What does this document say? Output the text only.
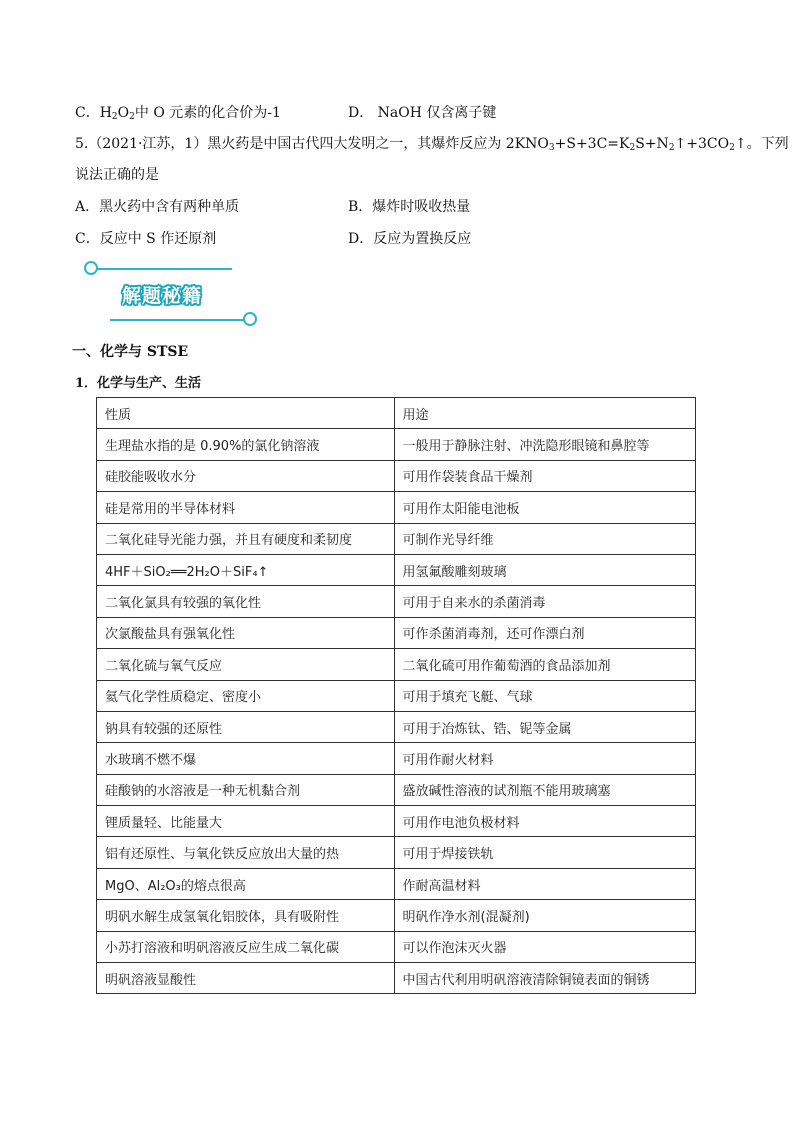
C．$H_2O_2$中 O 元素的化合价为-1	D． NaOH 仅含离子键
5.（2021·江苏，1）黑火药是中国古代四大发明之一，其爆炸反应为 $2KNO_3+S+3C=K_2S+N_2↑+3CO_2↑$。下列
说法正确的是
A．黑火药中含有两种单质	B．爆炸时吸收热量
C．反应中 S 作还原剂	D．反应为置换反应
解题秘籍
一、化学与 STSE
1．化学与生产、生活
性质	用途
生理盐水指的是 0.90%的氯化钠溶液	一般用于静脉注射、冲洗隐形眼镜和鼻腔等
硅胶能吸收水分	可用作袋装食品干燥剂
硅是常用的半导体材料	可用作太阳能电池板
二氧化硅导光能力强，并且有硬度和柔韧度	可制作光导纤维
4HF＋SiO₂══2H₂O＋SiF₄↑	用氢氟酸雕刻玻璃
二氧化氯具有较强的氧化性	可用于自来水的杀菌消毒
次氯酸盐具有强氧化性	可作杀菌消毒剂，还可作漂白剂
二氧化硫与氧气反应	二氧化硫可用作葡萄酒的食品添加剂
氦气化学性质稳定、密度小	可用于填充飞艇、气球
钠具有较强的还原性	可用于冶炼钛、锆、铌等金属
水玻璃不燃不爆	可用作耐火材料
硅酸钠的水溶液是一种无机黏合剂	盛放碱性溶液的试剂瓶不能用玻璃塞
锂质量轻、比能量大	可用作电池负极材料
铝有还原性、与氧化铁反应放出大量的热	可用于焊接铁轨
MgO、Al₂O₃的熔点很高	作耐高温材料
明矾水解生成氢氧化铝胶体，具有吸附性	明矾作净水剂(混凝剂)
小苏打溶液和明矾溶液反应生成二氧化碳	可以作泡沫灭火器
明矾溶液显酸性	中国古代利用明矾溶液清除铜镜表面的铜锈
